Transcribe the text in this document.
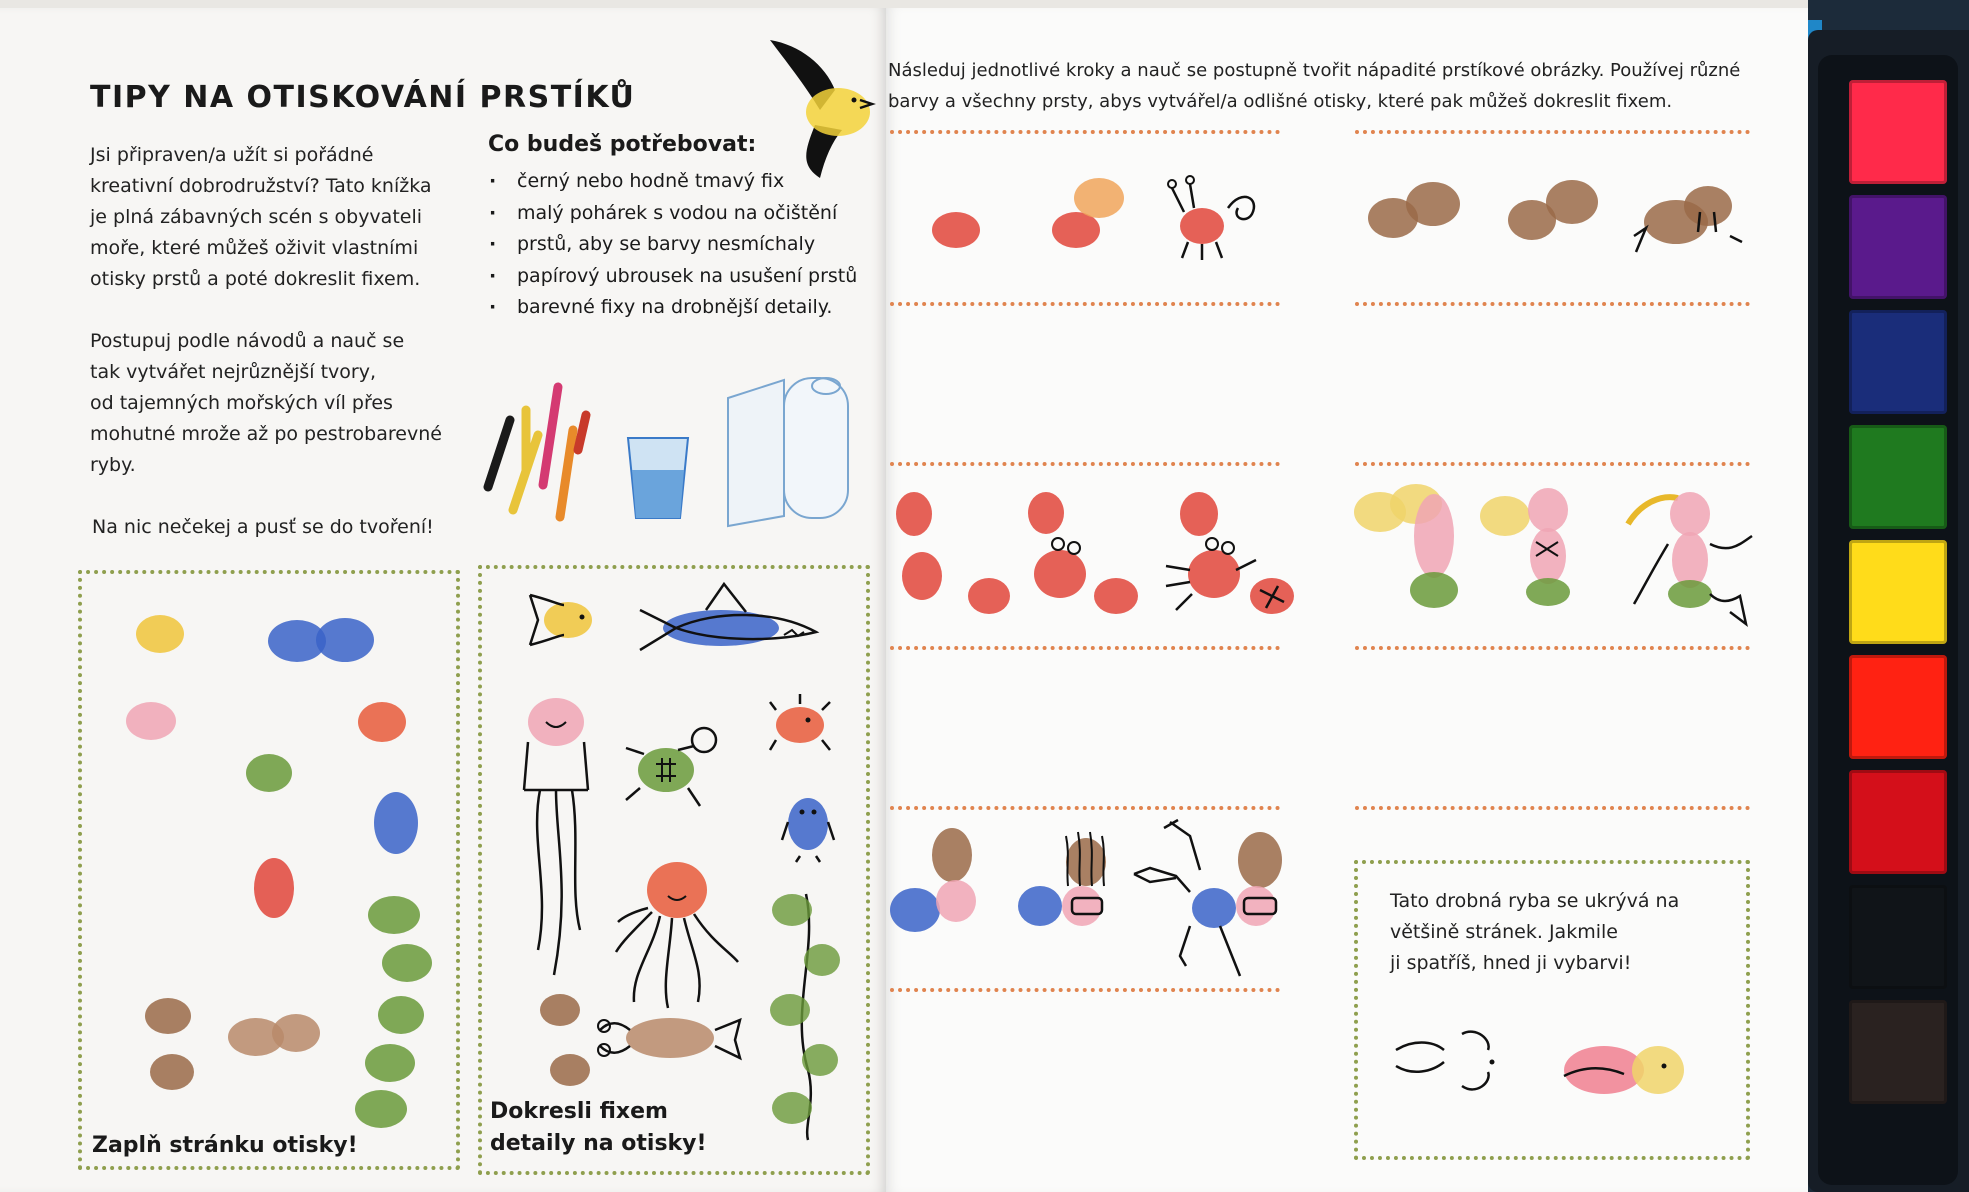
TIPY NA OTISKOVÁNÍ PRSTÍKŮ
Jsi připraven/a užít si pořádné
kreativní dobrodružství? Tato knížka
je plná zábavných scén s obyvateli
moře, které můžeš oživit vlastními
otisky prstů a poté dokreslit fixem.
Postupuj podle návodů a nauč se
tak vytvářet nejrůznější tvory,
od tajemných mořských víl přes
mohutné mrože až po pestrobarevné
ryby.
Na nic nečekej a pusť se do tvoření!
Co budeš potřebovat:
· černý nebo hodně tmavý fix
· malý pohárek s vodou na očištění
· prstů, aby se barvy nesmíchaly
· papírový ubrousek na usušení prstů
· barevné fixy na drobnější detaily.
Zaplň stránku otisky!
Dokresli fixem
detaily na otisky!
Následuj jednotlivé kroky a nauč se postupně tvořit nápadité prstíkové obrázky. Používej různé
barvy a všechny prsty, abys vytvářel/a odlišné otisky, které pak můžeš dokreslit fixem.
Tato drobná ryba se ukrývá na
většině stránek. Jakmile
ji spatříš, hned ji vybarvi!
